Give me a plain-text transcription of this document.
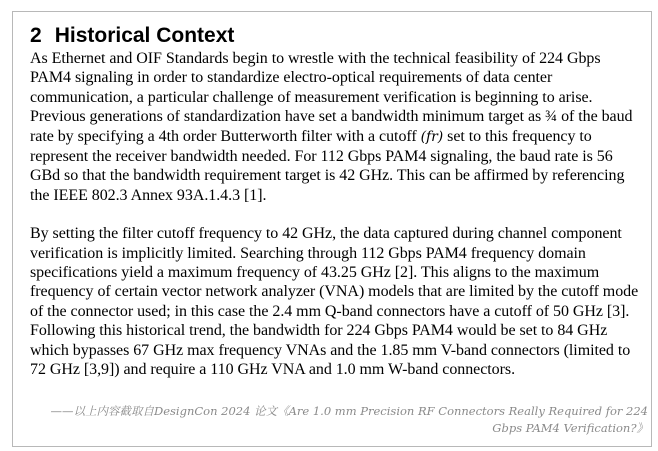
2 Historical Context

As Ethernet and OIF Standards begin to wrestle with the technical feasibility of 224 Gbps PAM4 signaling in order to standardize electro-optical requirements of data center communication, a particular challenge of measurement verification is beginning to arise. Previous generations of standardization have set a bandwidth minimum target as ¾ of the baud rate by specifying a 4th order Butterworth filter with a cutoff (fr) set to this frequency to represent the receiver bandwidth needed. For 112 Gbps PAM4 signaling, the baud rate is 56 GBd so that the bandwidth requirement target is 42 GHz. This can be affirmed by referencing the IEEE 802.3 Annex 93A.1.4.3 [1].

By setting the filter cutoff frequency to 42 GHz, the data captured during channel component verification is implicitly limited. Searching through 112 Gbps PAM4 frequency domain specifications yield a maximum frequency of 43.25 GHz [2]. This aligns to the maximum frequency of certain vector network analyzer (VNA) models that are limited by the cutoff mode of the connector used; in this case the 2.4 mm Q-band connectors have a cutoff of 50 GHz [3]. Following this historical trend, the bandwidth for 224 Gbps PAM4 would be set to 84 GHz which bypasses 67 GHz max frequency VNAs and the 1.85 mm V-band connectors (limited to 72 GHz [3,9]) and require a 110 GHz VNA and 1.0 mm W-band connectors.

——以上内容截取自DesignCon 2024 论文《Are 1.0 mm Precision RF Connectors Really Required for 224 Gbps PAM4 Verification?》
